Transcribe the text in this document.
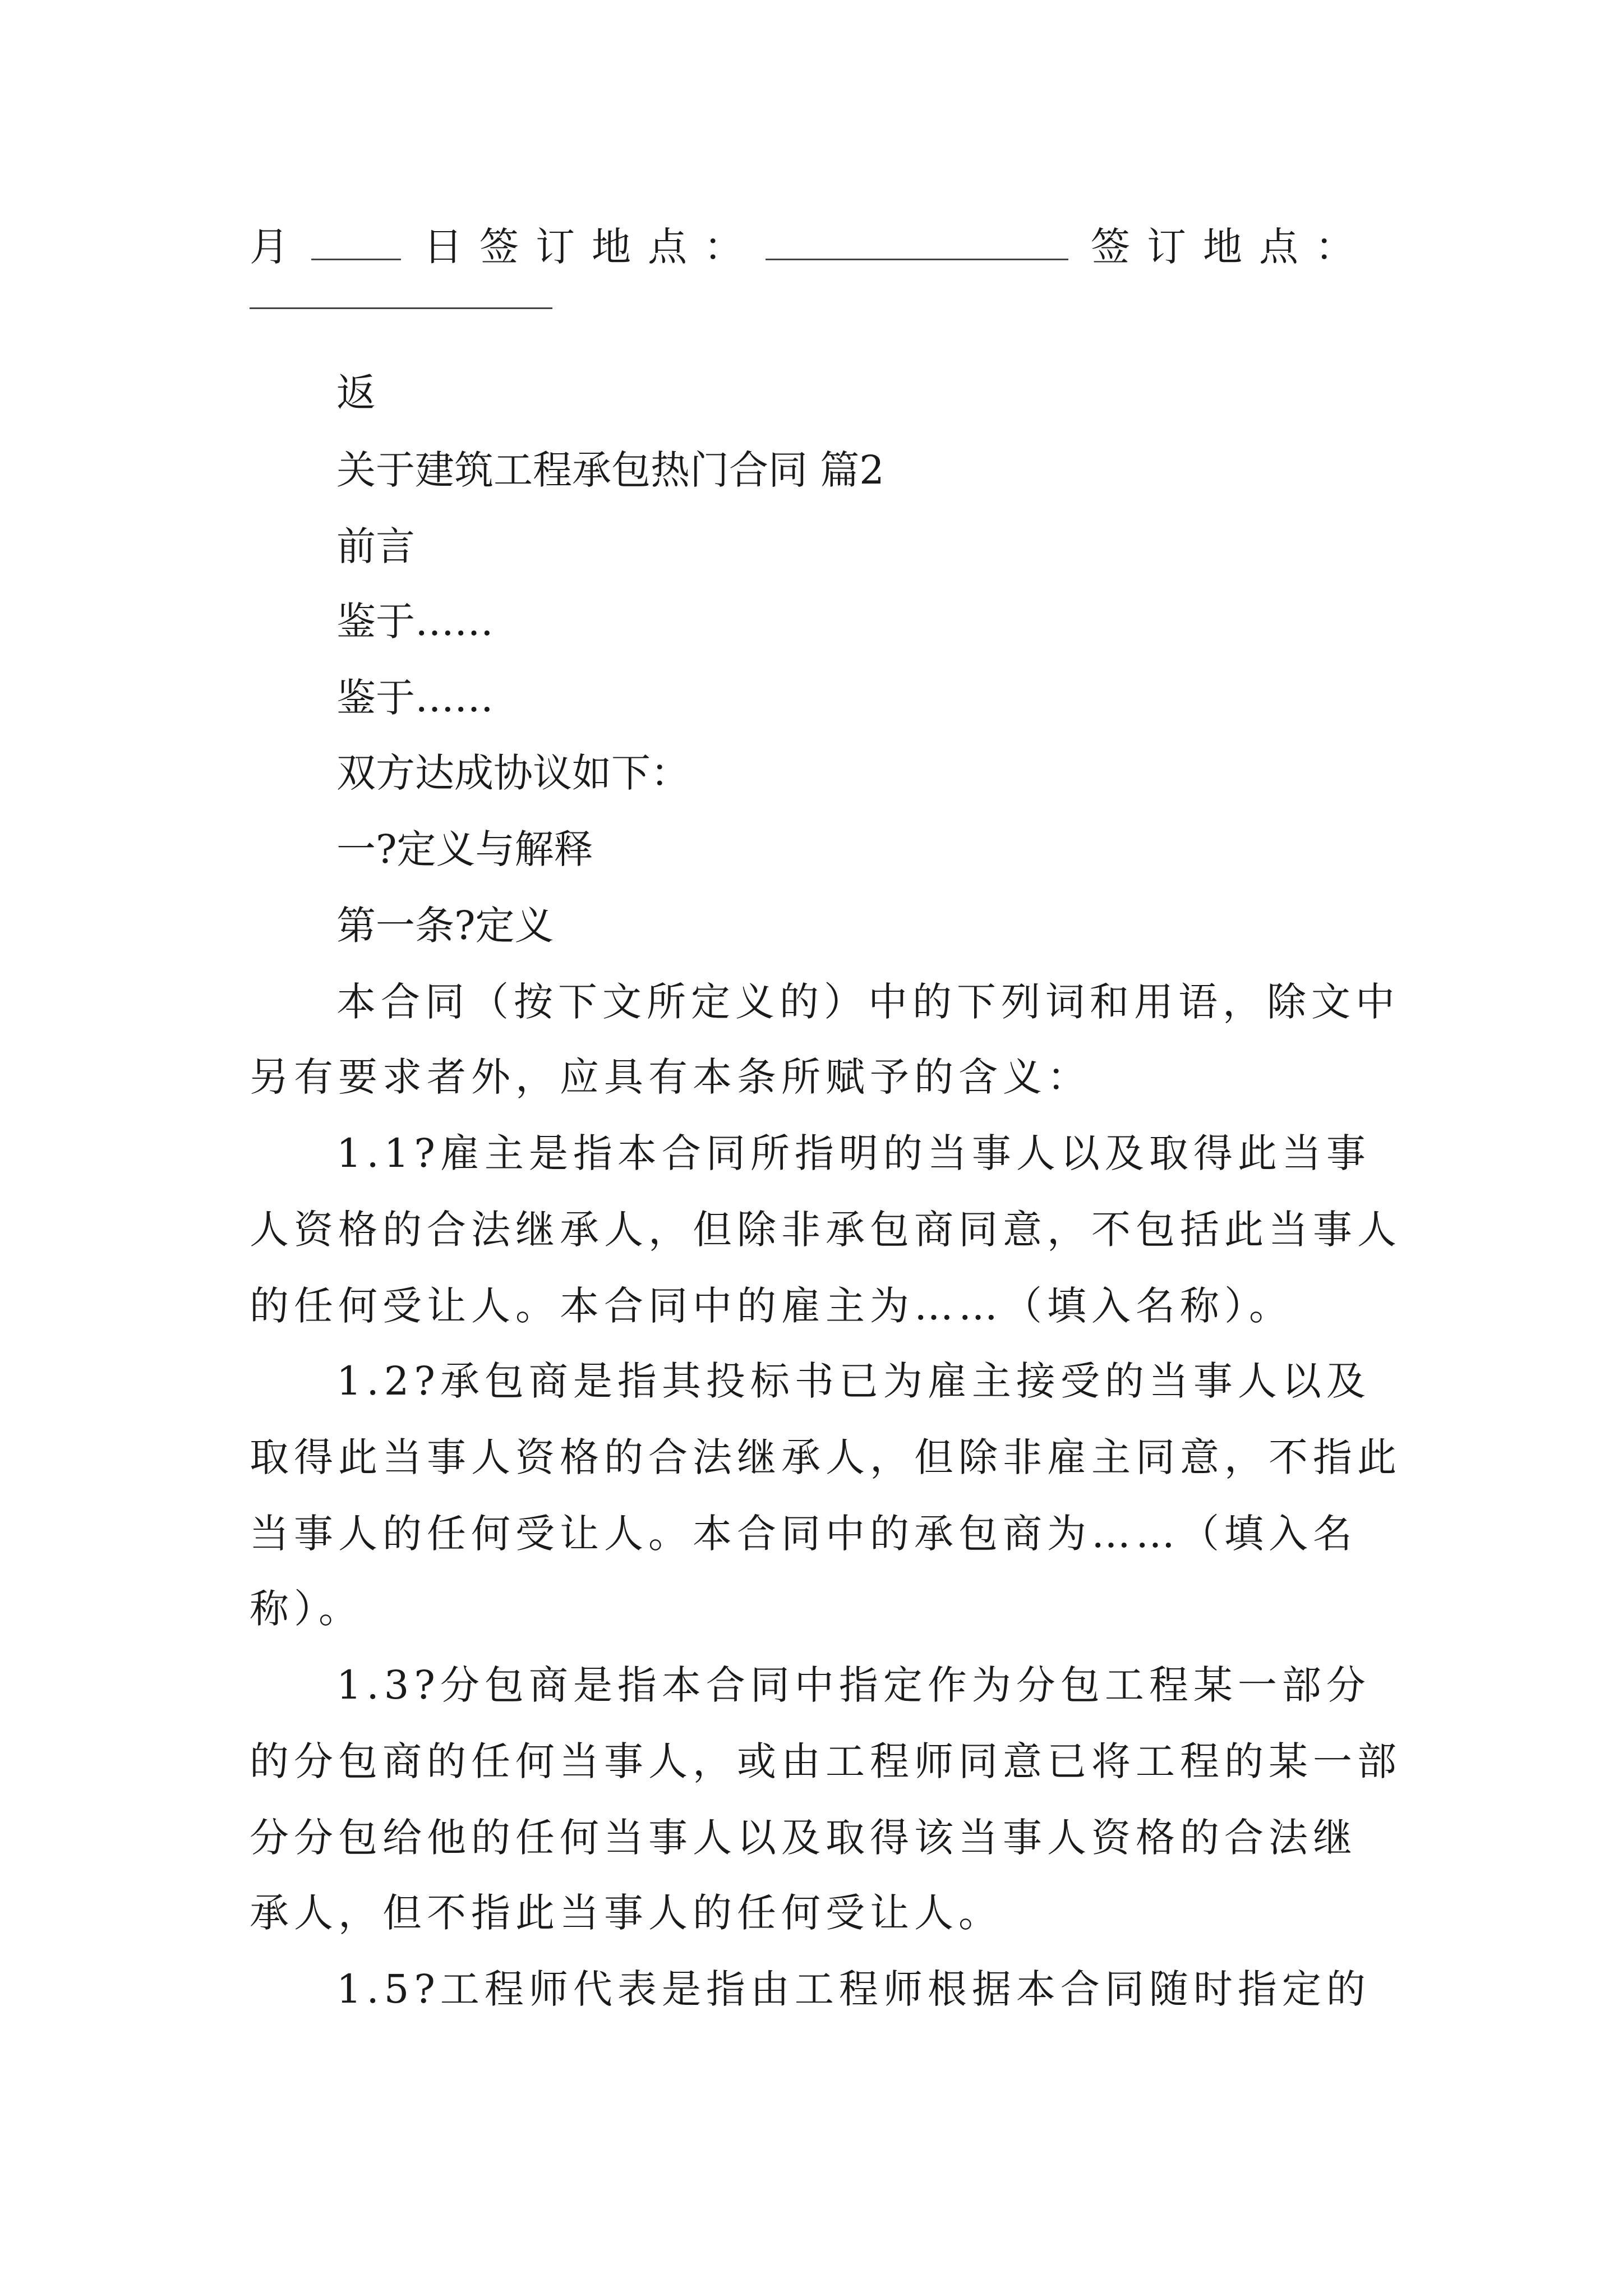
月	日签订地点：	签订地点：
返
关于建筑工程承包热门合同 篇2
前言
鉴于……
鉴于……
双方达成协议如下：
一?定义与解释
第一条?定义
本合同（按下文所定义的）中的下列词和用语，除文中
另有要求者外，应具有本条所赋予的含义：
1.1?雇主是指本合同所指明的当事人以及取得此当事
人资格的合法继承人，但除非承包商同意，不包括此当事人
的任何受让人。本合同中的雇主为……（填入名称）。
1.2?承包商是指其投标书已为雇主接受的当事人以及
取得此当事人资格的合法继承人，但除非雇主同意，不指此
当事人的任何受让人。本合同中的承包商为……（填入名
称）。
1.3?分包商是指本合同中指定作为分包工程某一部分
的分包商的任何当事人，或由工程师同意已将工程的某一部
分分包给他的任何当事人以及取得该当事人资格的合法继
承人，但不指此当事人的任何受让人。
1.5?工程师代表是指由工程师根据本合同随时指定的
